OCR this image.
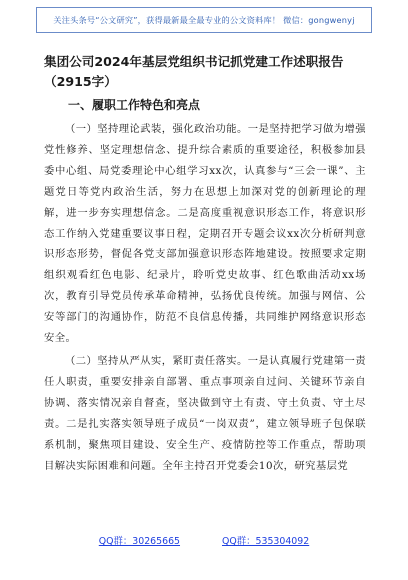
关注头条号“公文研究”，获得最新最全最专业的公文资料库！ 微信：gongwenyj

集团公司2024年基层党组织书记抓党建工作述职报告

（2915字）

一、履职工作特色和亮点

（一）坚持理论武装，强化政治功能。一是坚持把学习做为增强党性修养、坚定理想信念、提升综合素质的重要途径，积极参加县委中心组、局党委理论中心组学习xx次，认真参与“三会一课”、主题党日等党内政治生活，努力在思想上加深对党的创新理论的理解，进一步夯实理想信念。二是高度重视意识形态工作，将意识形态工作纳入党建重要议事日程，定期召开专题会议xx次分析研判意识形态形势，督促各党支部加强意识形态阵地建设。按照要求定期组织观看红色电影、纪录片，聆听党史故事、红色歌曲活动xx场次，教育引导党员传承革命精神，弘扬优良传统。加强与网信、公安等部门的沟通协作，防范不良信息传播，共同维护网络意识形态安全。

（二）坚持从严从实，紧盯责任落实。一是认真履行党建第一责任人职责，重要安排亲自部署、重点事项亲自过问、关键环节亲自协调、落实情况亲自督查，坚决做到守土有责、守土负责、守土尽责。二是扎实落实领导班子成员“一岗双责”，建立领导班子包保联系机制，聚焦项目建设、安全生产、疫情防控等工作重点，帮助项目解决实际困难和问题。全年主持召开党委会10次，研究基层党

QQ群：30265665	QQ群：535304092
